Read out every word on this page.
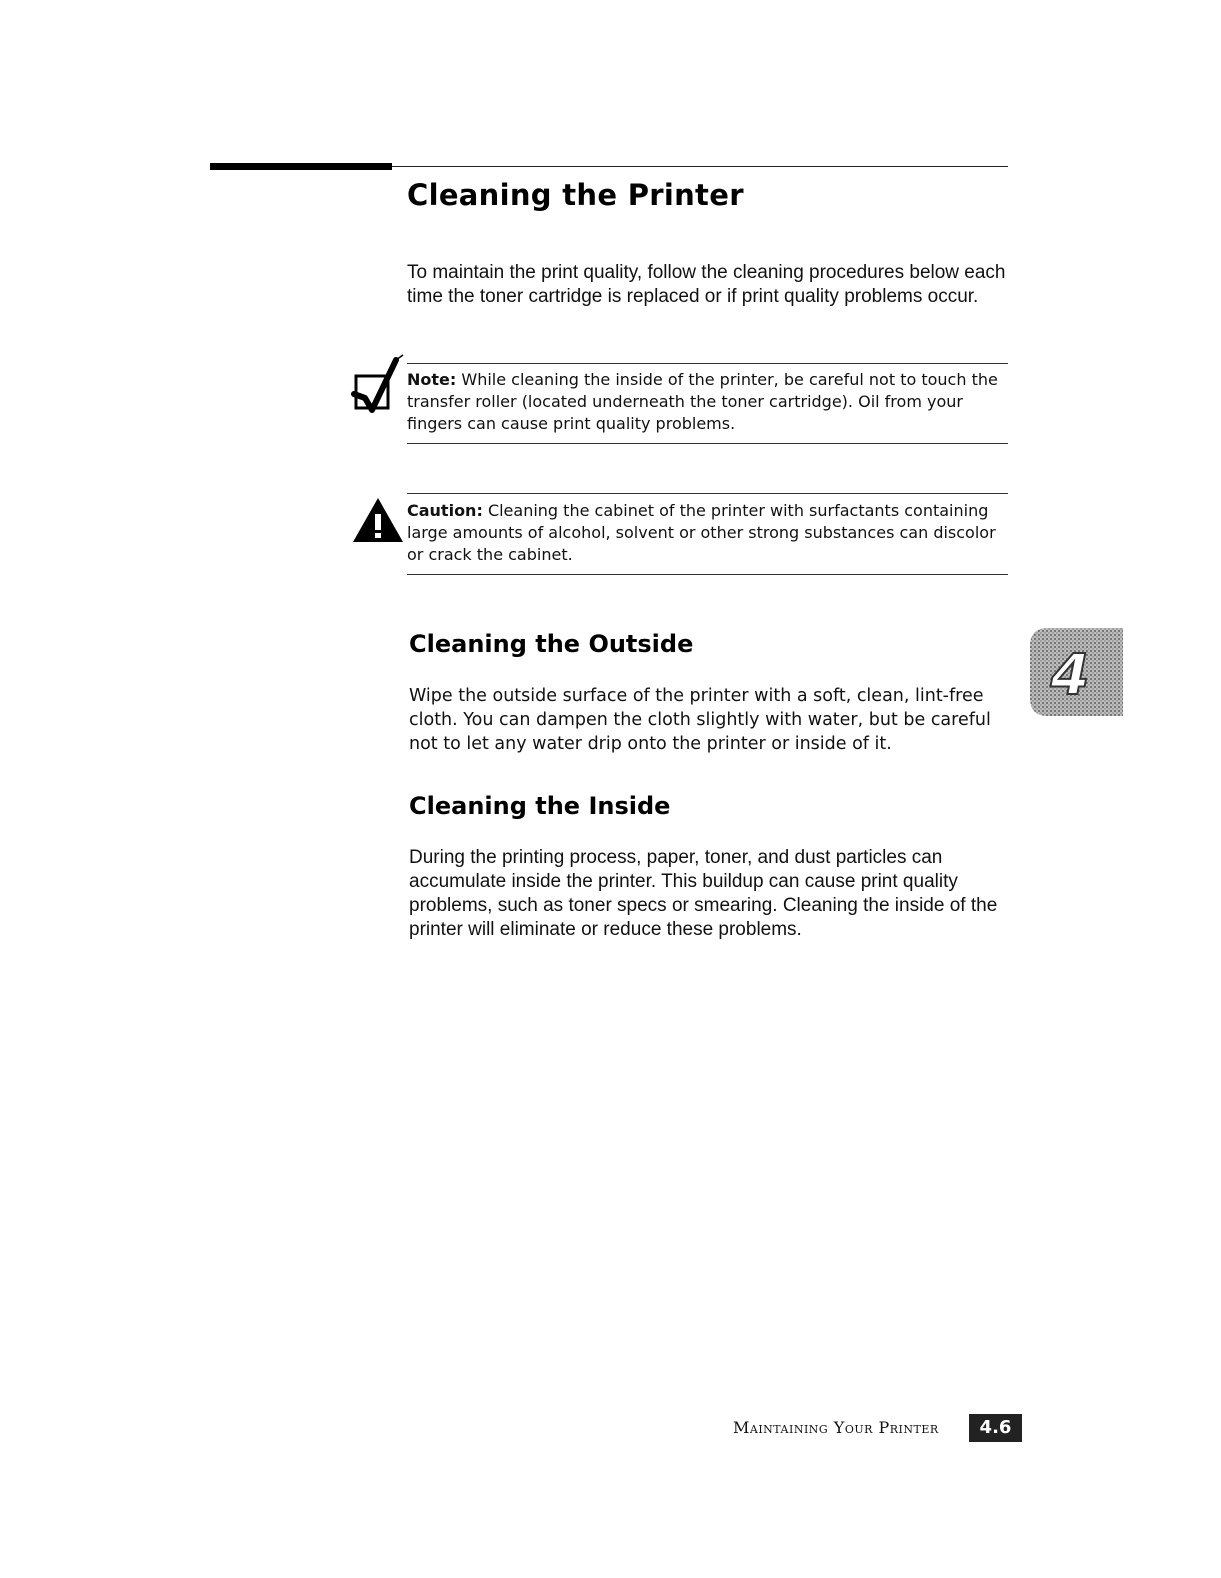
Cleaning the Printer

To maintain the print quality, follow the cleaning procedures below each time the toner cartridge is replaced or if print quality problems occur.

Note: While cleaning the inside of the printer, be careful not to touch the transfer roller (located underneath the toner cartridge). Oil from your fingers can cause print quality problems.

Caution: Cleaning the cabinet of the printer with surfactants containing large amounts of alcohol, solvent or other strong substances can discolor or crack the cabinet.

Cleaning the Outside

Wipe the outside surface of the printer with a soft, clean, lint-free cloth. You can dampen the cloth slightly with water, but be careful not to let any water drip onto the printer or inside of it.

Cleaning the Inside

During the printing process, paper, toner, and dust particles can accumulate inside the printer. This buildup can cause print quality problems, such as toner specs or smearing. Cleaning the inside of the printer will eliminate or reduce these problems.

4

Maintaining Your Printer	4.6
